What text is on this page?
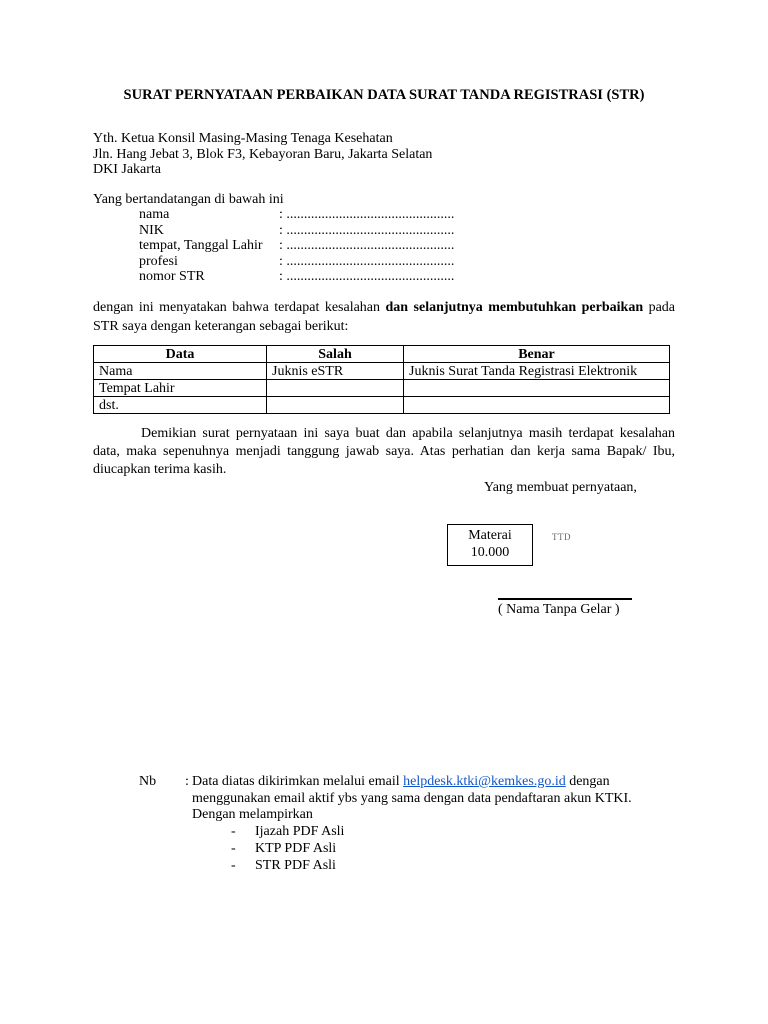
SURAT PERNYATAAN PERBAIKAN DATA SURAT TANDA REGISTRASI (STR)
Yth. Ketua Konsil Masing-Masing Tenaga Kesehatan
Jln. Hang Jebat 3, Blok F3, Kebayoran Baru, Jakarta Selatan
DKI Jakarta
Yang bertandatangan di bawah ini
nama	: ................................................
NIK	: ................................................
tempat, Tanggal Lahir : ................................................
profesi	: ................................................
nomor STR	: ................................................
dengan ini menyatakan bahwa terdapat kesalahan dan selanjutnya membutuhkan perbaikan pada STR saya dengan keterangan sebagai berikut:
Data	Salah	Benar
Nama	Juknis eSTR	Juknis Surat Tanda Registrasi Elektronik
Tempat Lahir		
dst.		
Demikian surat pernyataan ini saya buat dan apabila selanjutnya masih terdapat kesalahan data, maka sepenuhnya menjadi tanggung jawab saya. Atas perhatian dan kerja sama Bapak/ Ibu, diucapkan terima kasih.
Yang membuat pernyataan,
Materai
10.000
TTD
( Nama Tanpa Gelar )
Nb : Data diatas dikirimkan melalui email helpdesk.ktki@kemkes.go.id dengan
menggunakan email aktif ybs yang sama dengan data pendaftaran akun KTKI.
Dengan melampirkan
- Ijazah PDF Asli
- KTP PDF Asli
- STR PDF Asli
